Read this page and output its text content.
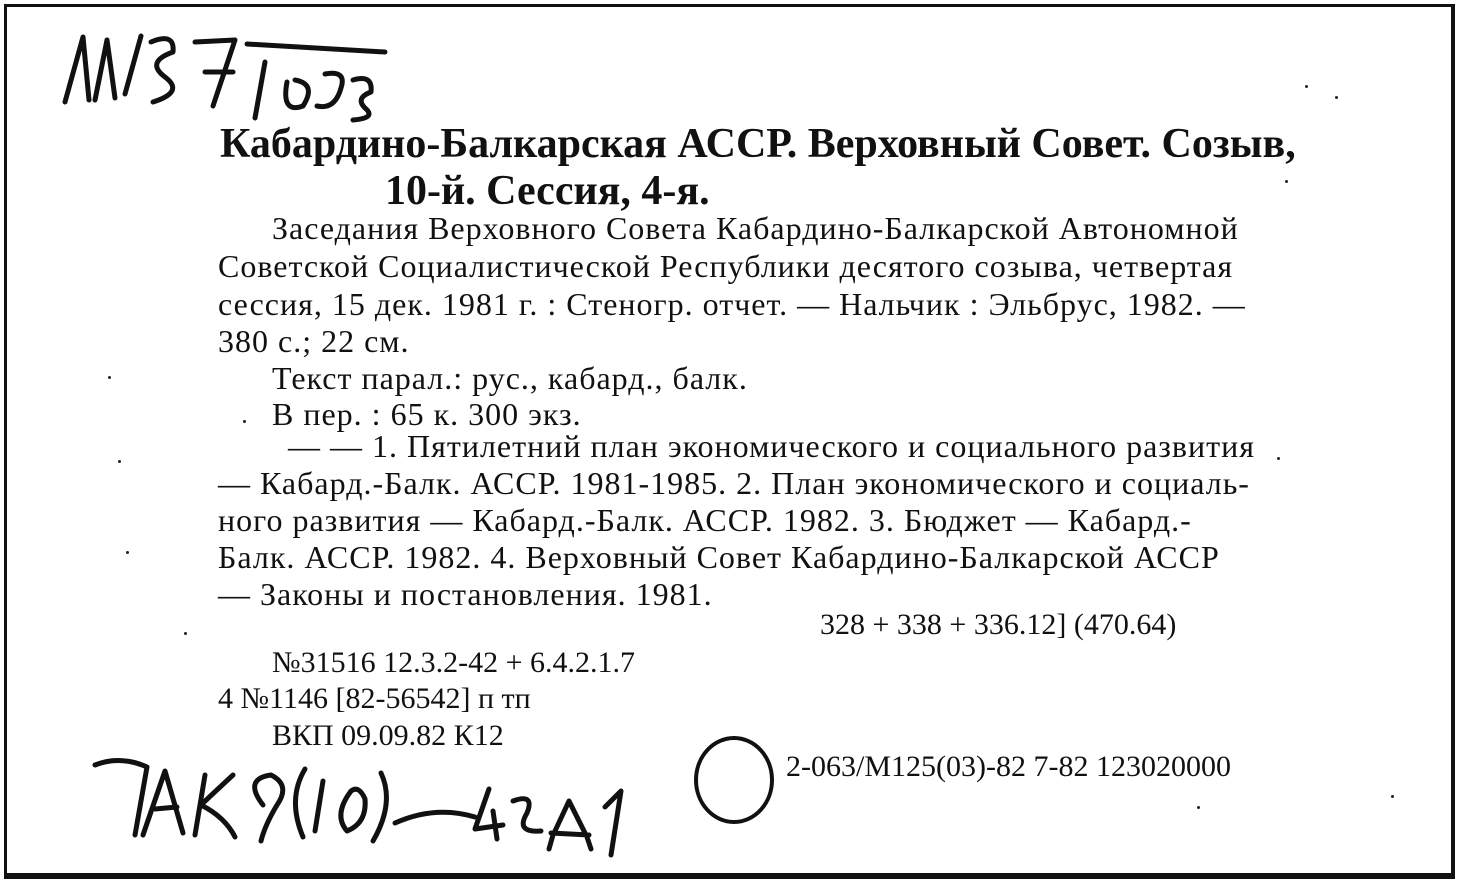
Кабардино-Балкарская АССР. Верховный Совет. Созыв,
10-й. Сессия, 4-я.
Заседания Верховного Совета Кабардино-Балкарской Автономной
Советской Социалистической Республики десятого созыва, четвертая
сессия, 15 дек. 1981 г. : Стеногр. отчет. — Нальчик : Эльбрус, 1982. —
380 с.; 22 см.
Текст парал.: рус., кабард., балк.
В пер. : 65 к. 300 экз.
— — 1. Пятилетний план экономического и социального развития
— Кабард.-Балк. АССР. 1981-1985. 2. План экономического и социаль-
ного развития — Кабард.-Балк. АССР. 1982. 3. Бюджет — Кабард.-
Балк. АССР. 1982. 4. Верховный Совет Кабардино-Балкарской АССР
— Законы и постановления. 1981.
328 + 338 + 336.12] (470.64)
№31516 12.3.2-42 + 6.4.2.1.7
4 №1146 [82-56542] п тп
ВКП 09.09.82 К12
2-063/М125(03)-82 7-82 123020000
